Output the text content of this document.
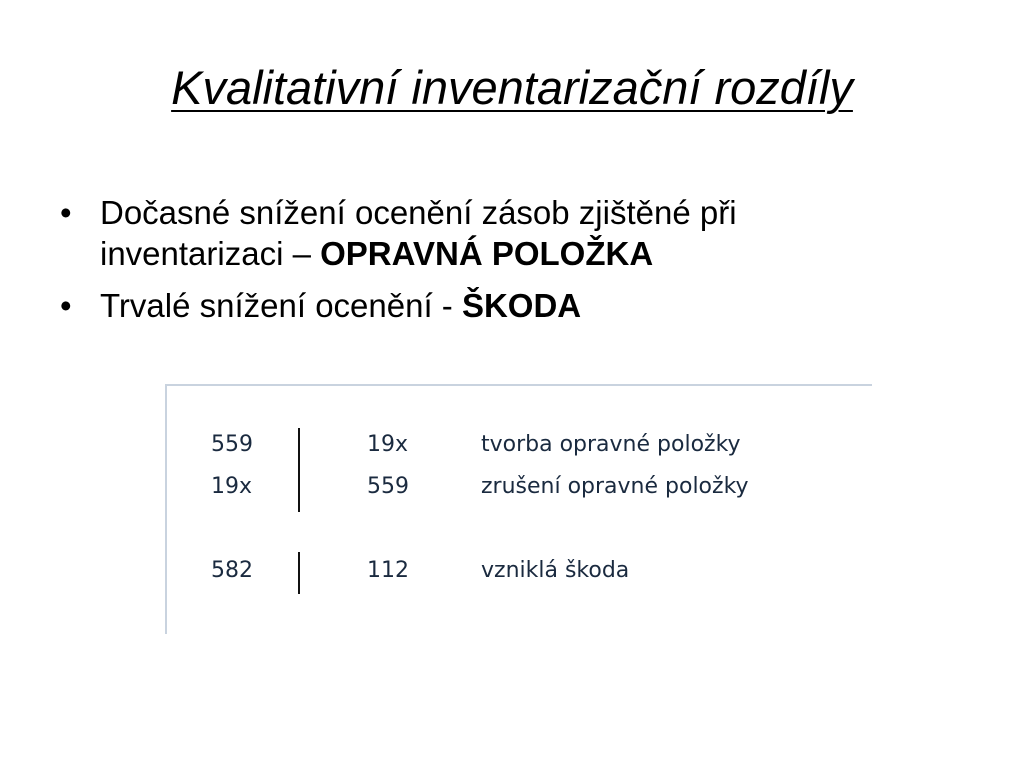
Kvalitativní inventarizační rozdíly
• Dočasné snížení ocenění zásob zjištěné při
inventarizaci – OPRAVNÁ POLOŽKA
• Trvalé snížení ocenění - ŠKODA
559	19x	tvorba opravné položky
19x	559	zrušení opravné položky
582	112	vzniklá škoda
